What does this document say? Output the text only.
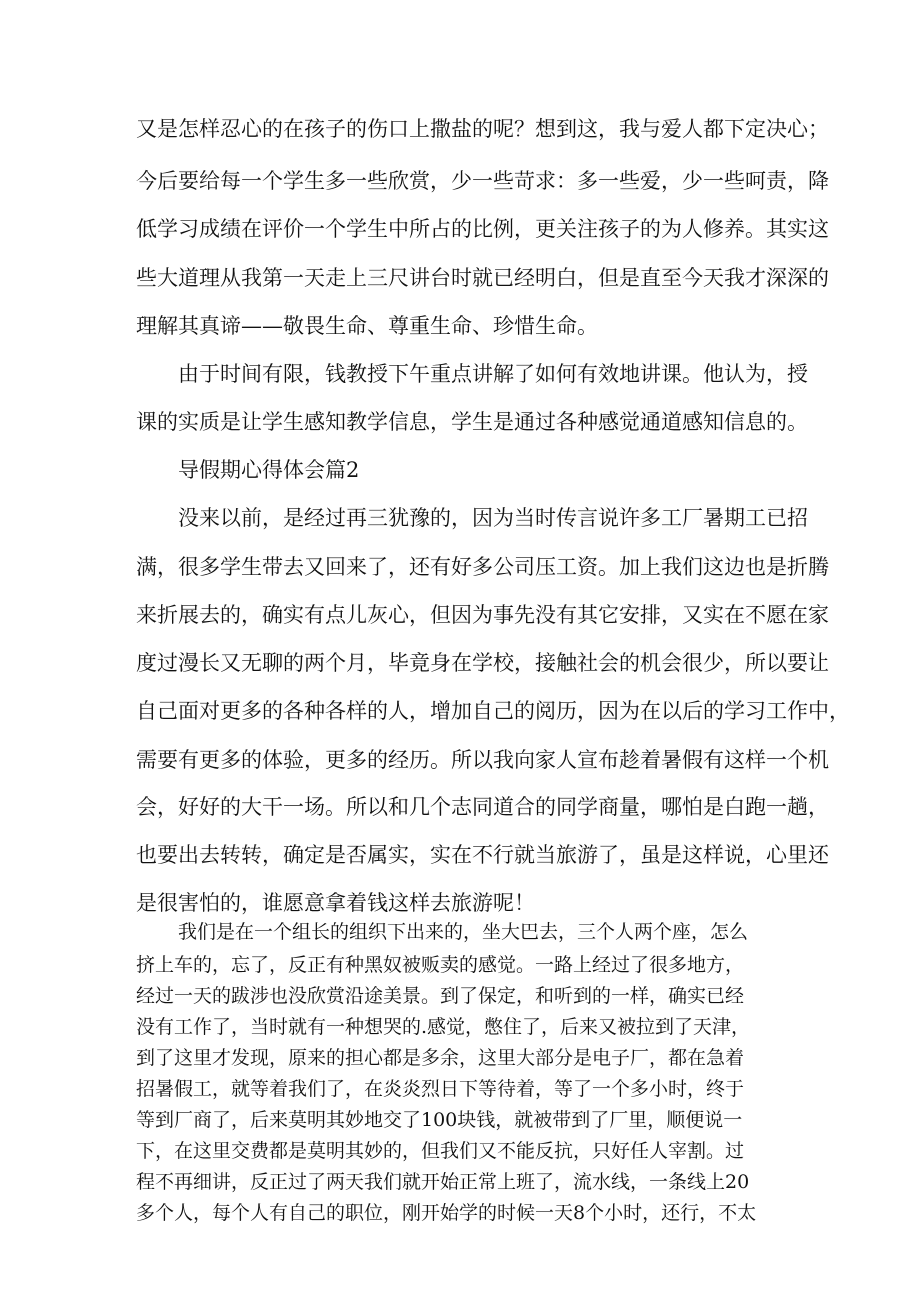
又是怎样忍心的在孩子的伤口上撒盐的呢？想到这，我与爱人都下定决心；
今后要给每一个学生多一些欣赏，少一些苛求：多一些爱，少一些呵责，降
低学习成绩在评价一个学生中所占的比例，更关注孩子的为人修养。其实这
些大道理从我第一天走上三尺讲台时就已经明白，但是直至今天我才深深的
理解其真谛——敬畏生命、尊重生命、珍惜生命。
由于时间有限，钱教授下午重点讲解了如何有效地讲课。他认为，授
课的实质是让学生感知教学信息，学生是通过各种感觉通道感知信息的。
导假期心得体会篇2
没来以前，是经过再三犹豫的，因为当时传言说许多工厂暑期工已招
满，很多学生带去又回来了，还有好多公司压工资。加上我们这边也是折腾
来折展去的，确实有点儿灰心，但因为事先没有其它安排，又实在不愿在家
度过漫长又无聊的两个月，毕竟身在学校，接触社会的机会很少，所以要让
自己面对更多的各种各样的人，增加自己的阅历，因为在以后的学习工作中，
需要有更多的体验，更多的经历。所以我向家人宣布趁着暑假有这样一个机
会，好好的大干一场。所以和几个志同道合的同学商量，哪怕是白跑一趟，
也要出去转转，确定是否属实，实在不行就当旅游了，虽是这样说，心里还
是很害怕的，谁愿意拿着钱这样去旅游呢！
我们是在一个组长的组织下出来的，坐大巴去，三个人两个座，怎么
挤上车的，忘了，反正有种黑奴被贩卖的感觉。一路上经过了很多地方，
经过一天的跋涉也没欣赏沿途美景。到了保定，和听到的一样，确实已经
没有工作了，当时就有一种想哭的.感觉，憋住了，后来又被拉到了天津，
到了这里才发现，原来的担心都是多余，这里大部分是电子厂，都在急着
招暑假工，就等着我们了，在炎炎烈日下等待着，等了一个多小时，终于
等到厂商了，后来莫明其妙地交了100块钱，就被带到了厂里，顺便说一
下，在这里交费都是莫明其妙的，但我们又不能反抗，只好任人宰割。过
程不再细讲，反正过了两天我们就开始正常上班了，流水线，一条线上20
多个人，每个人有自己的职位，刚开始学的时候一天8个小时，还行，不太
